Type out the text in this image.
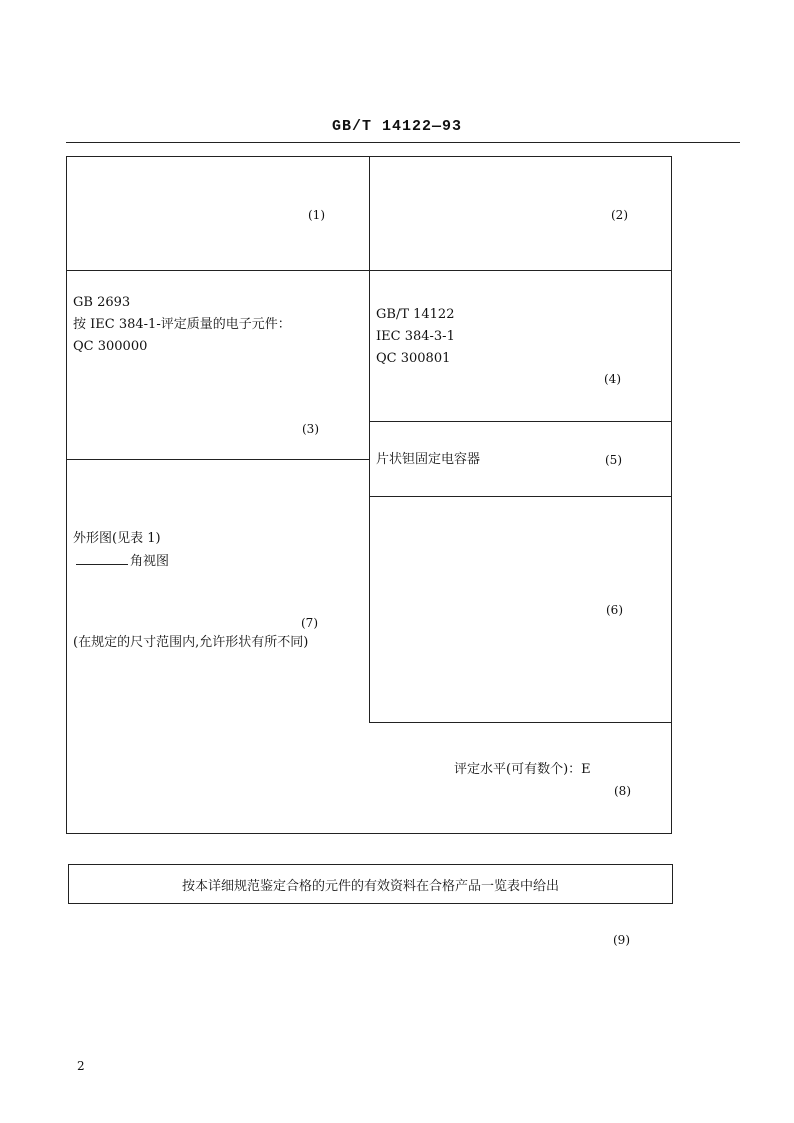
GB/T 14122—93
(1)	(2)
GB 2693
按 IEC 384-1-评定质量的电子元件：
QC 300000
(3)
GB/T 14122
IEC 384-3-1
QC 300801
(4)
片状钽固定电容器	(5)
(6)
外形图(见表 1)
角视图
(7)
(在规定的尺寸范围内,允许形状有所不同)
评定水平(可有数个)：E
(8)
按本详细规范鉴定合格的元件的有效资料在合格产品一览表中给出
(9)
2
